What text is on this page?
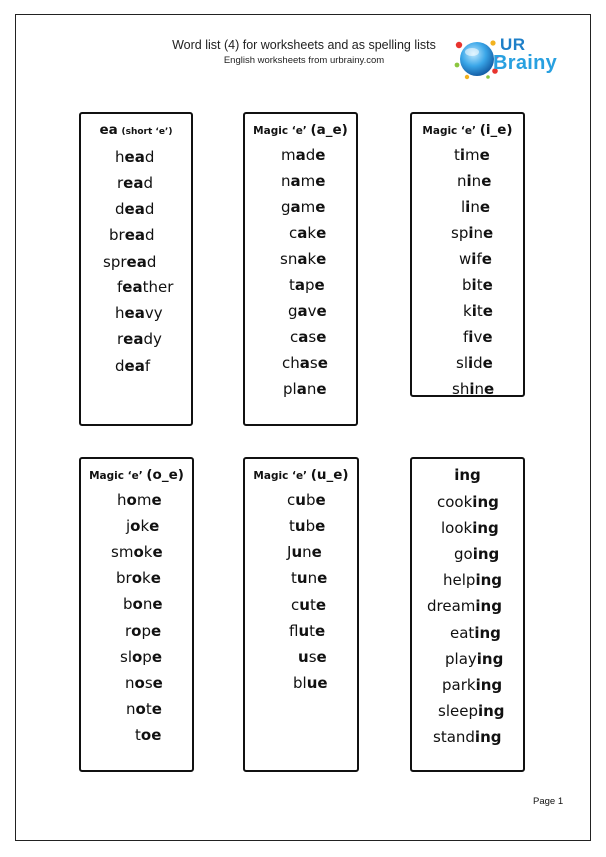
Word list (4) for worksheets and as spelling lists
English worksheets from urbrainy.com
UR
Brainy
ea (short ‘e’)
head
read
dead
bread
spread
feather
heavy
ready
deaf
Magic ‘e’ (a_e)
made
name
game
cake
snake
tape
gave
case
chase
plane
Magic ‘e’ (i_e)
time
nine
line
spine
wife
bite
kite
five
slide
shine
Magic ‘e’ (o_e)
home
joke
smoke
broke
bone
rope
slope
nose
note
toe
Magic ‘e’ (u_e)
cube
tube
June
tune
cute
flute
use
blue
ing
cooking
looking
going
helping
dreaming
eating
playing
parking
sleeping
standing
Page 1
